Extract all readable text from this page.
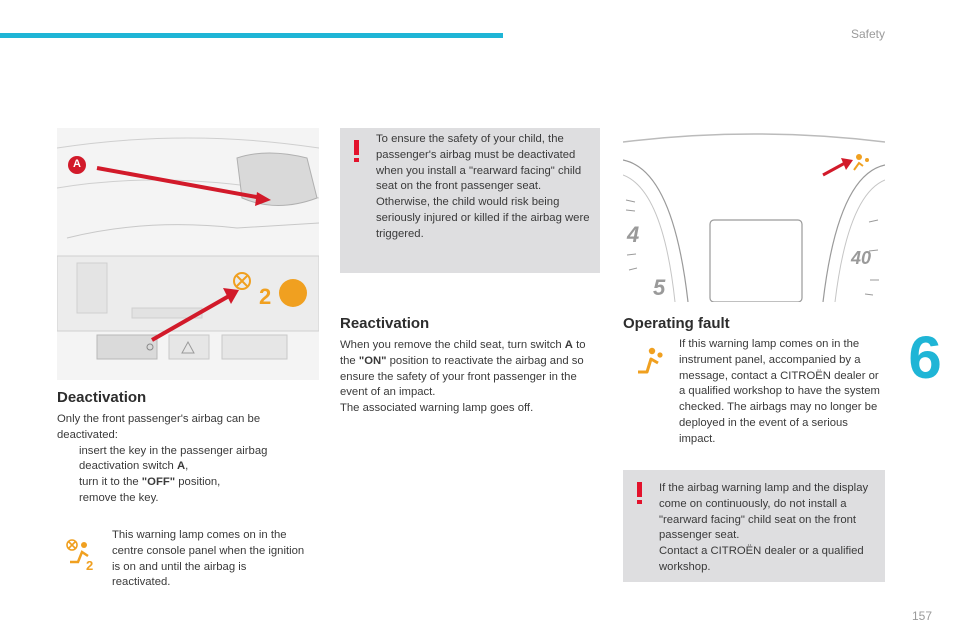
Safety
6
157
A
2
To ensure the safety of your child, the passenger's airbag must be deactivated when you install a "rearward facing" child seat on the front passenger seat. Otherwise, the child would risk being seriously injured or killed if the airbag were triggered.
Deactivation
Only the front passenger's airbag can be deactivated:
insert the key in the passenger airbag deactivation switch A,
turn it to the "OFF" position,
remove the key.
2
This warning lamp comes on in the centre console panel when the ignition is on and until the airbag is reactivated.
Reactivation
When you remove the child seat, turn switch A to the "ON" position to reactivate the airbag and so ensure the safety of your front passenger in the event of an impact.
The associated warning lamp goes off.
4
5
40
Operating fault
If this warning lamp comes on in the instrument panel, accompanied by a message, contact a CITROËN dealer or a qualified workshop to have the system checked. The airbags may no longer be deployed in the event of a serious impact.
If the airbag warning lamp and the display come on continuously, do not install a "rearward facing" child seat on the front passenger seat.
Contact a CITROËN dealer or a qualified workshop.
